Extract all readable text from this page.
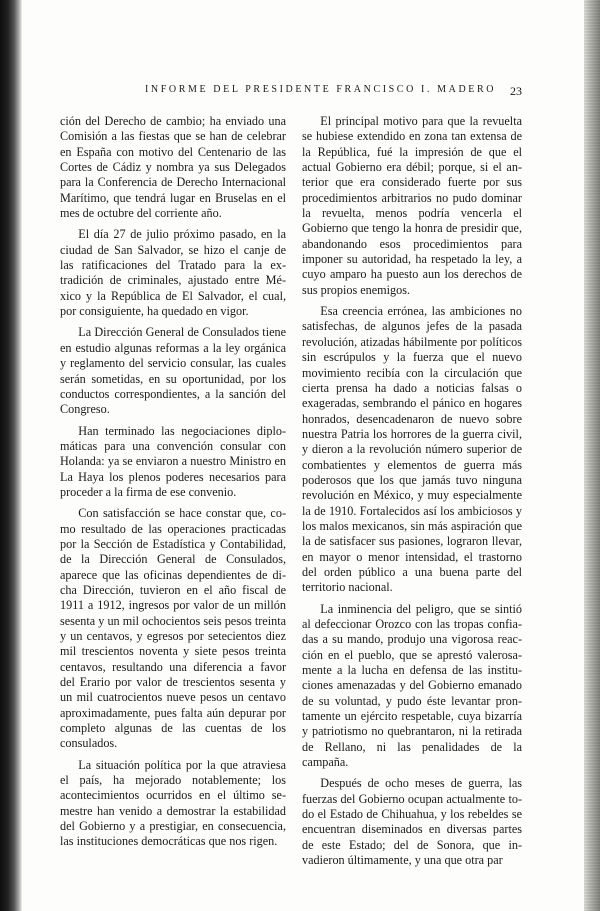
INFORME DEL PRESIDENTE FRANCISCO I. MADERO 23

ción del Derecho de cambio; ha enviado una Comisión a las fiestas que se han de celebrar en España con motivo del Centenario de las Cortes de Cádiz y nombra ya sus Delegados para la Conferencia de Derecho Internacional Marítimo, que tendrá lugar en Bruselas en el mes de octubre del corriente año.

El día 27 de julio próximo pasado, en la ciudad de San Salvador, se hizo el canje de las ratificaciones del Tratado para la extradición de criminales, ajustado entre México y la República de El Salvador, el cual, por consiguiente, ha quedado en vigor.

La Dirección General de Consulados tiene en estudio algunas reformas a la ley orgánica y reglamento del servicio consular, las cuales serán sometidas, en su oportunidad, por los conductos correspondientes, a la sanción del Congreso.

Han terminado las negociaciones diplomáticas para una convención consular con Holanda: ya se enviaron a nuestro Ministro en La Haya los plenos poderes necesarios para proceder a la firma de ese convenio.

Con satisfacción se hace constar que, como resultado de las operaciones practicadas por la Sección de Estadística y Contabilidad, de la Dirección General de Consulados, aparece que las oficinas dependientes de dicha Dirección, tuvieron en el año fiscal de 1911 a 1912, ingresos por valor de un millón sesenta y un mil ochocientos seis pesos treinta y un centavos, y egresos por setecientos diez mil trescientos noventa y siete pesos treinta centavos, resultando una diferencia a favor del Erario por valor de trescientos sesenta y un mil cuatrocientos nueve pesos un centavo aproximadamente, pues falta aún depurar por completo algunas de las cuentas de los consulados.

La situación política por la que atraviesa el país, ha mejorado notablemente; los acontecimientos ocurridos en el último semestre han venido a demostrar la estabilidad del Gobierno y a prestigiar, en consecuencia, las instituciones democráticas que nos rigen.

El principal motivo para que la revuelta se hubiese extendido en zona tan extensa de la República, fué la impresión de que el actual Gobierno era débil; porque, si el anterior que era considerado fuerte por sus procedimientos arbitrarios no pudo dominar la revuelta, menos podría vencerla el Gobierno que tengo la honra de presidir que, abandonando esos procedimientos para imponer su autoridad, ha respetado la ley, a cuyo amparo ha puesto aun los derechos de sus propios enemigos.

Esa creencia errónea, las ambiciones no satisfechas, de algunos jefes de la pasada revolución, atizadas hábilmente por políticos sin escrúpulos y la fuerza que el nuevo movimiento recibía con la circulación que cierta prensa ha dado a noticias falsas o exageradas, sembrando el pánico en hogares honrados, desencadenaron de nuevo sobre nuestra Patria los horrores de la guerra civil, y dieron a la revolución número superior de combatientes y elementos de guerra más poderosos que los que jamás tuvo ninguna revolución en México, y muy especialmente la de 1910. Fortalecidos así los ambiciosos y los malos mexicanos, sin más aspiración que la de satisfacer sus pasiones, lograron llevar, en mayor o menor intensidad, el trastorno del orden público a una buena parte del territorio nacional.

La inminencia del peligro, que se sintió al defeccionar Orozco con las tropas confiadas a su mando, produjo una vigorosa reacción en el pueblo, que se aprestó valerosamente a la lucha en defensa de las instituciones amenazadas y del Gobierno emanado de su voluntad, y pudo éste levantar prontamente un ejército respetable, cuya bizarría y patriotismo no quebrantaron, ni la retirada de Rellano, ni las penalidades de la campaña.

Después de ocho meses de guerra, las fuerzas del Gobierno ocupan actualmente todo el Estado de Chihuahua, y los rebeldes se encuentran diseminados en diversas partes de este Estado; del de Sonora, que invadieron últimamente, y una que otra par
